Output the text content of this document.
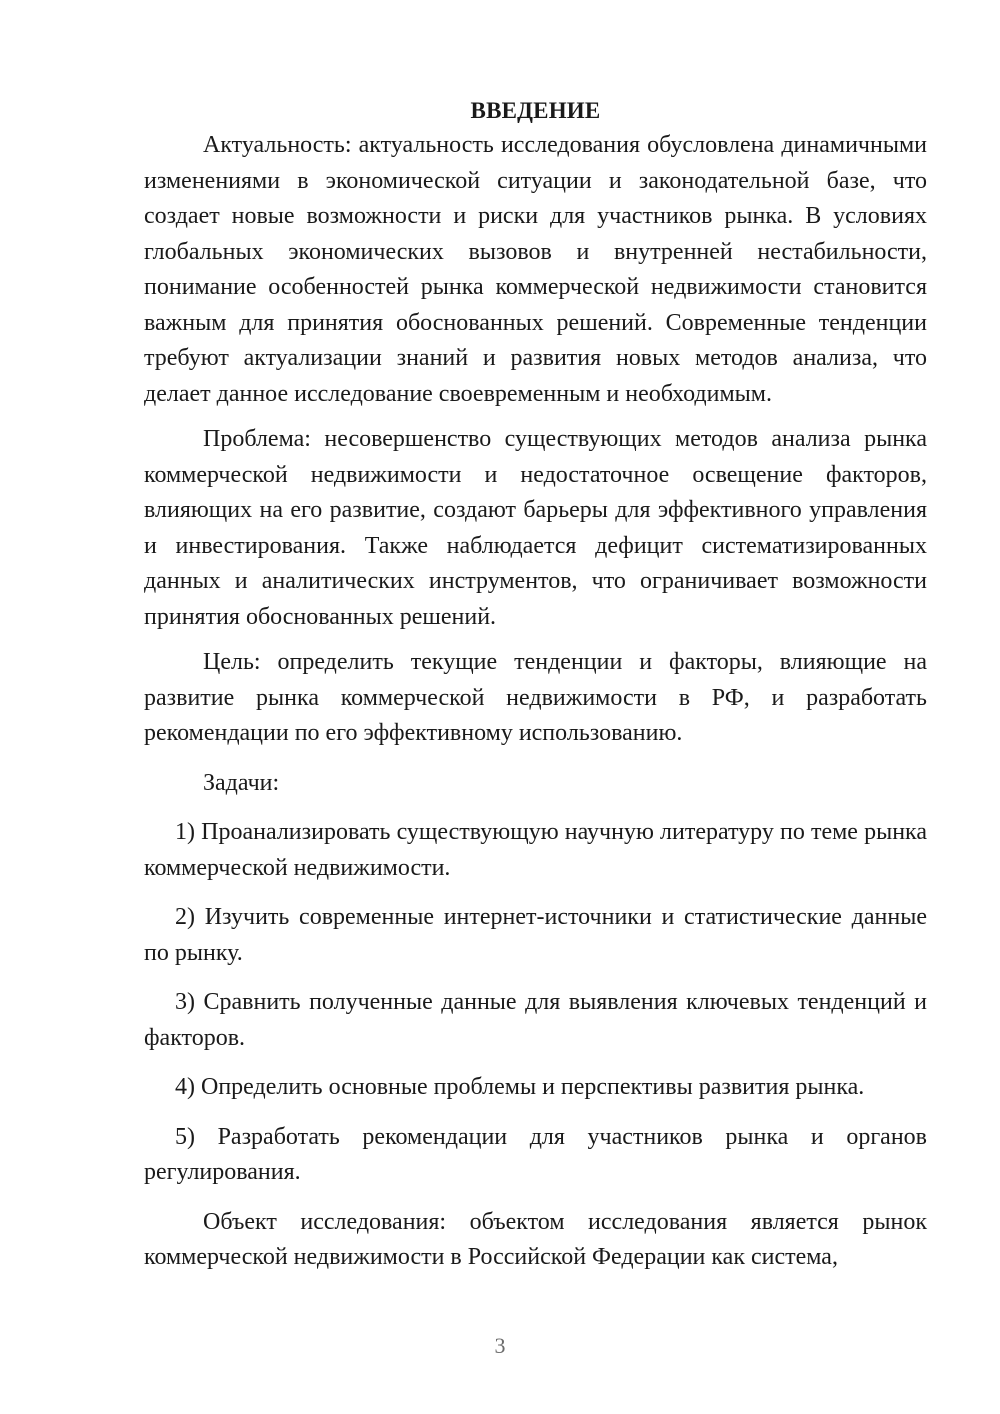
ВВЕДЕНИЕ

Актуальность: актуальность исследования обусловлена динамичными изменениями в экономической ситуации и законодательной базе, что создает новые возможности и риски для участников рынка. В условиях глобальных экономических вызовов и внутренней нестабильности, понимание особенностей рынка коммерческой недвижимости становится важным для принятия обоснованных решений. Современные тенденции требуют актуализации знаний и развития новых методов анализа, что делает данное исследование своевременным и необходимым.

Проблема: несовершенство существующих методов анализа рынка коммерческой недвижимости и недостаточное освещение факторов, влияющих на его развитие, создают барьеры для эффективного управления и инвестирования. Также наблюдается дефицит систематизированных данных и аналитических инструментов, что ограничивает возможности принятия обоснованных решений.

Цель: определить текущие тенденции и факторы, влияющие на развитие рынка коммерческой недвижимости в РФ, и разработать рекомендации по его эффективному использованию.

Задачи:

1) Проанализировать существующую научную литературу по теме рынка коммерческой недвижимости.

2) Изучить современные интернет-источники и статистические данные по рынку.

3) Сравнить полученные данные для выявления ключевых тенденций и факторов.

4) Определить основные проблемы и перспективы развития рынка.

5) Разработать рекомендации для участников рынка и органов регулирования.

Объект исследования: объектом исследования является рынок коммерческой недвижимости в Российской Федерации как система,

3
